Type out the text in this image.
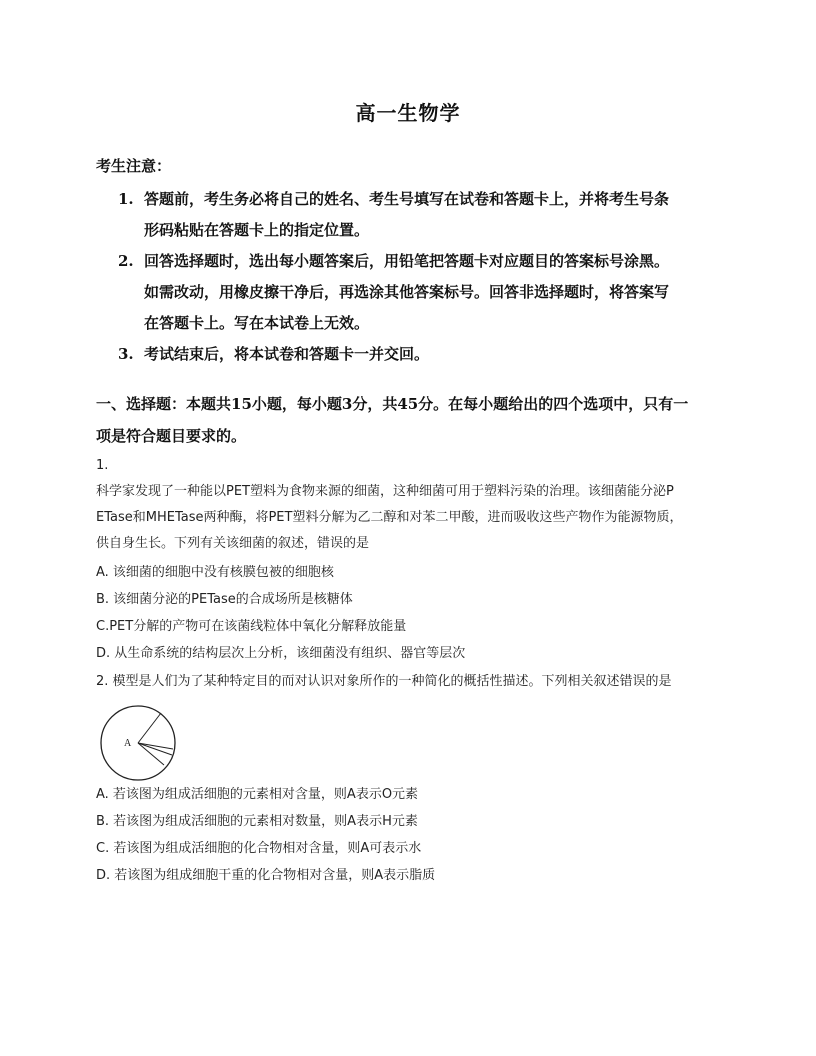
高一生物学
考生注意：
1. 答题前，考生务必将自己的姓名、考生号填写在试卷和答题卡上，并将考生号条
形码粘贴在答题卡上的指定位置。
2. 回答选择题时，选出每小题答案后，用铅笔把答题卡对应题目的答案标号涂黑。
如需改动，用橡皮擦干净后，再选涂其他答案标号。回答非选择题时，将答案写
在答题卡上。写在本试卷上无效。
3. 考试结束后，将本试卷和答题卡一并交回。
一、选择题：本题共15小题，每小题3分，共45分。在每小题给出的四个选项中，只有一
项是符合题目要求的。
1.
科学家发现了一种能以PET塑料为食物来源的细菌，这种细菌可用于塑料污染的治理。该细菌能分泌P
ETase和MHETase两种酶，将PET塑料分解为乙二醇和对苯二甲酸，进而吸收这些产物作为能源物质，
供自身生长。下列有关该细菌的叙述，错误的是
A. 该细菌的细胞中没有核膜包被的细胞核
B. 该细菌分泌的PETase的合成场所是核糖体
C.PET分解的产物可在该菌线粒体中氧化分解释放能量
D. 从生命系统的结构层次上分析，该细菌没有组织、器官等层次
2. 模型是人们为了某种特定目的而对认识对象所作的一种简化的概括性描述。下列相关叙述错误的是
A
A. 若该图为组成活细胞的元素相对含量，则A表示O元素
B. 若该图为组成活细胞的元素相对数量，则A表示H元素
C. 若该图为组成活细胞的化合物相对含量，则A可表示水
D. 若该图为组成细胞干重的化合物相对含量，则A表示脂质
